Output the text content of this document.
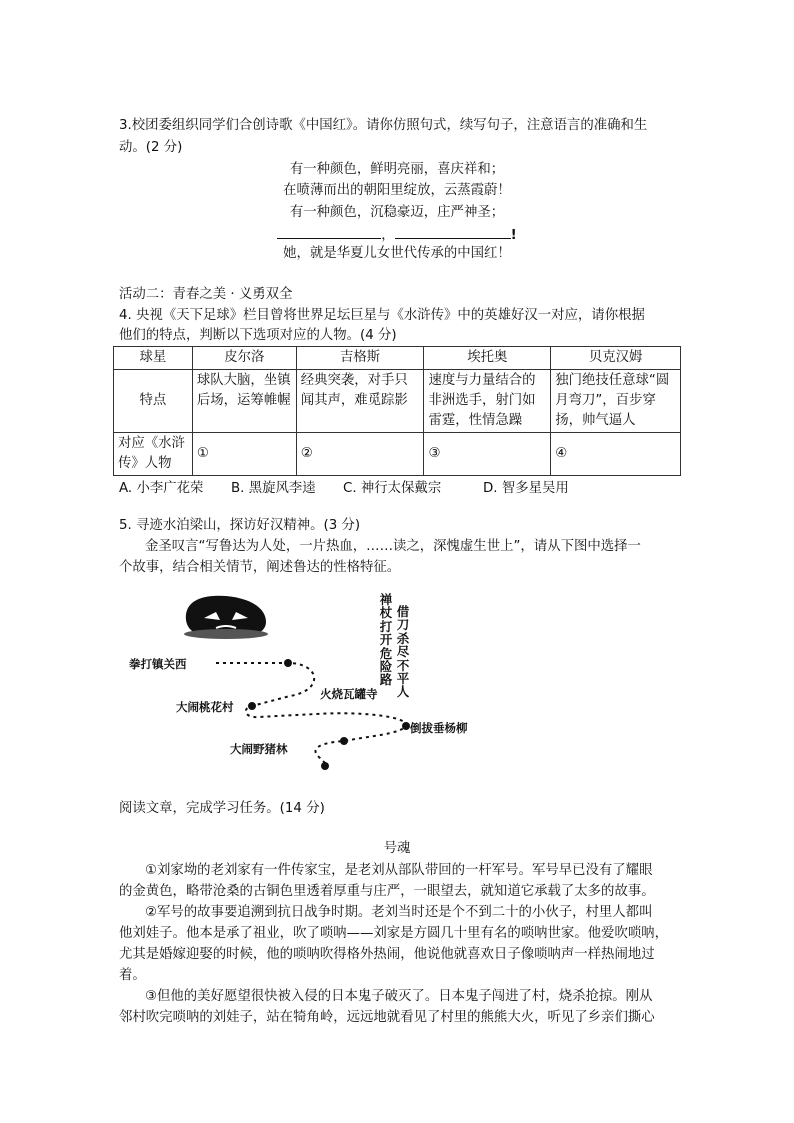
3.校团委组织同学们合创诗歌《中国红》。请你仿照句式，续写句子，注意语言的准确和生
动。(2 分)
有一种颜色，鲜明亮丽，喜庆祥和；
在喷薄而出的朝阳里绽放，云蒸霞蔚！
有一种颜色，沉稳豪迈，庄严神圣；
，	!
她，就是华夏儿女世代传承的中国红！
活动二：青春之美 · 义勇双全
4. 央视《天下足球》栏目曾将世界足坛巨星与《水浒传》中的英雄好汉一对应，请你根据
他们的特点，判断以下选项对应的人物。(4 分)
球星	皮尔洛	吉格斯	埃托奥	贝克汉姆
特点	球队大脑，坐镇后场，运筹帷幄	经典突袭，对手只闻其声，难觅踪影	速度与力量结合的非洲选手，射门如雷霆，性情急躁	独门绝技任意球“圆月弯刀”，百步穿扬，帅气逼人
对应《水浒传》人物	①	②	③	④
A. 小李广花荣 B. 黑旋风李逵 C. 神行太保戴宗	D. 智多星吴用
5. 寻迹水泊梁山，探访好汉精神。(3 分)
金圣叹言“写鲁达为人处，一片热血，……读之，深愧虚生世上”，请从下图中选择一
个故事，结合相关情节，阐述鲁达的性格特征。
禅杖打开危险路
借刀杀尽不平人
拳打镇关西
大闹桃花村
火烧瓦罐寺
倒拔垂杨柳
大闹野猪林
阅读文章，完成学习任务。(14 分)
号魂
①刘家坳的老刘家有一件传家宝，是老刘从部队带回的一杆军号。军号早已没有了耀眼
的金黄色，略带沧桑的古铜色里透着厚重与庄严，一眼望去，就知道它承载了太多的故事。
②军号的故事要追溯到抗日战争时期。老刘当时还是个不到二十的小伙子，村里人都叫
他刘娃子。他本是承了祖业，吹了唢呐——刘家是方圆几十里有名的唢呐世家。他爱吹唢呐，
尤其是婚嫁迎娶的时候，他的唢呐吹得格外热闹，他说他就喜欢日子像唢呐声一样热闹地过
着。
③但他的美好愿望很快被入侵的日本鬼子破灭了。日本鬼子闯进了村，烧杀抢掠。刚从
邻村吹完唢呐的刘娃子，站在犄角岭，远远地就看见了村里的熊熊大火，听见了乡亲们撕心
